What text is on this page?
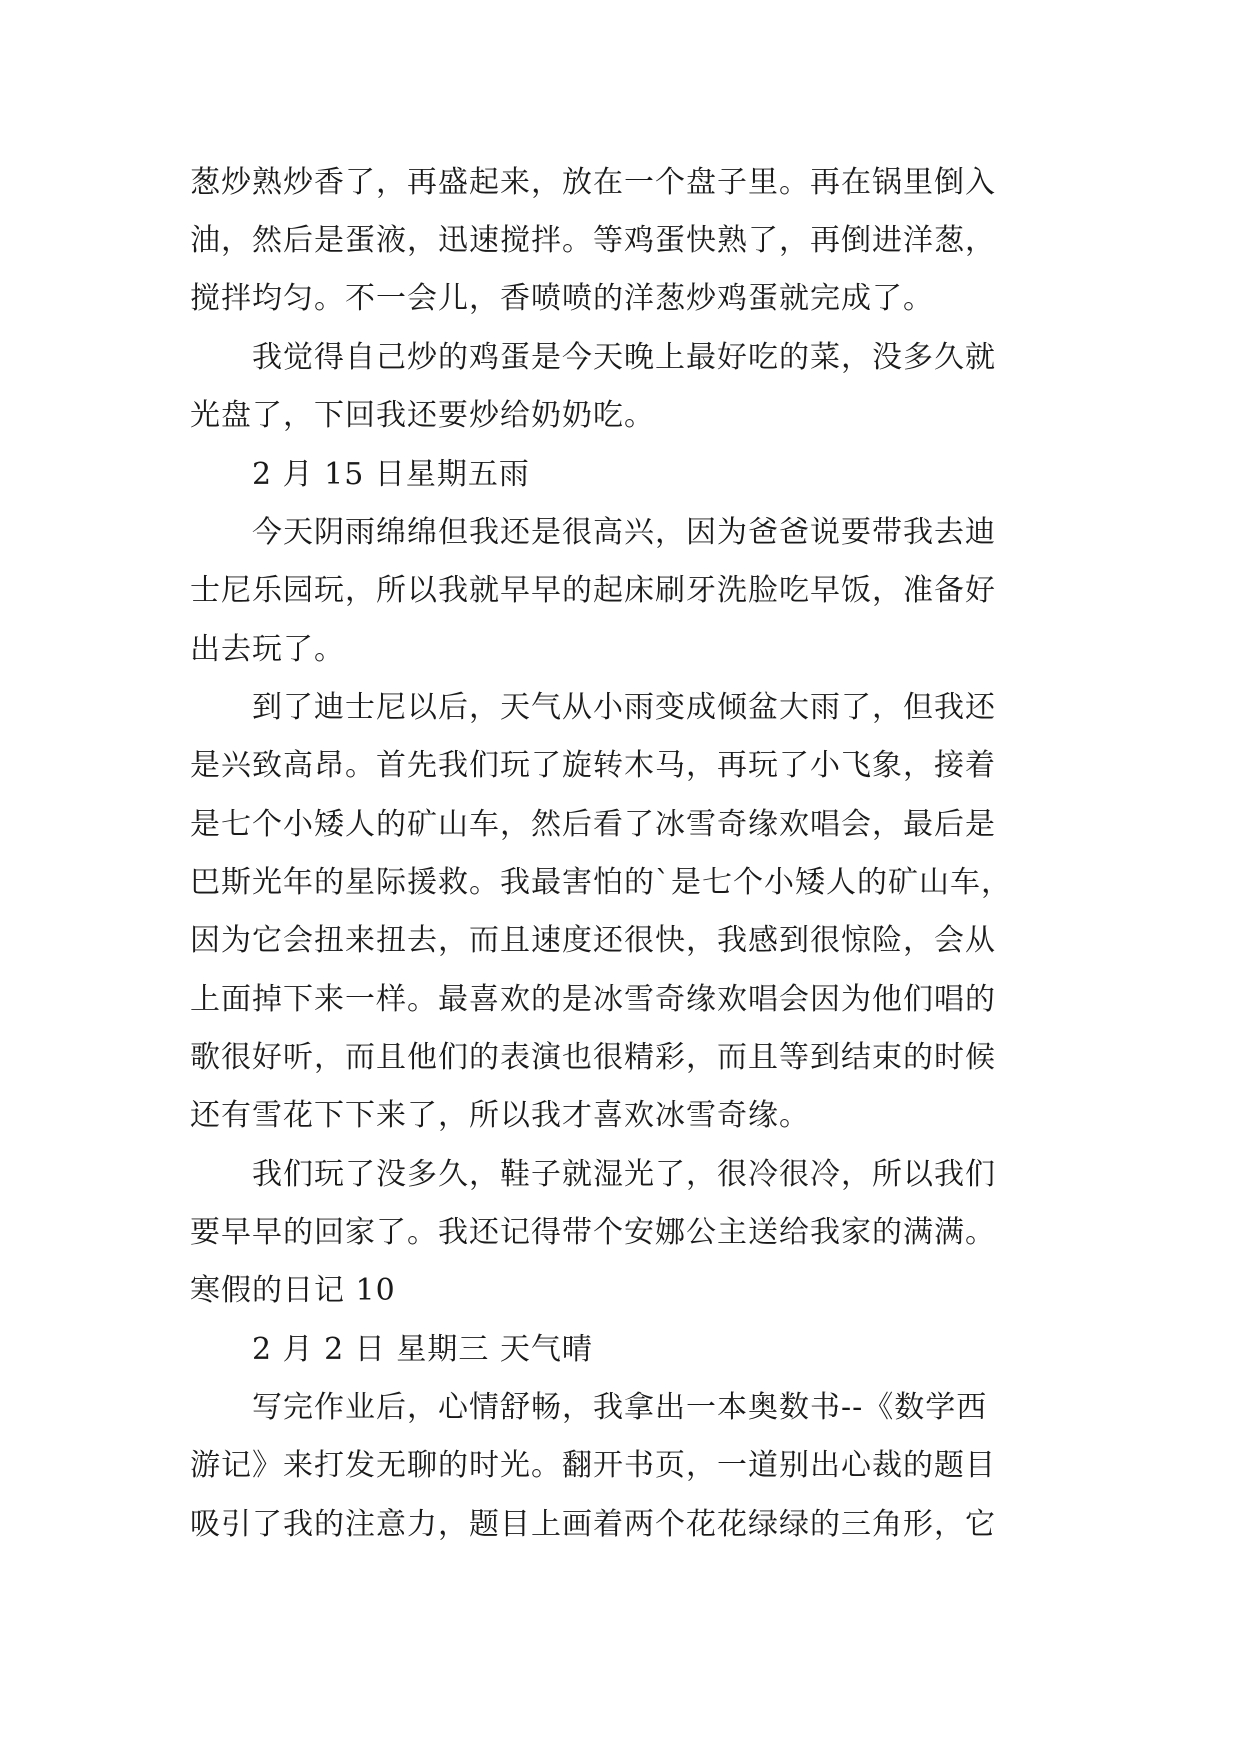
葱炒熟炒香了，再盛起来，放在一个盘子里。再在锅里倒入
油，然后是蛋液，迅速搅拌。等鸡蛋快熟了，再倒进洋葱，
搅拌均匀。不一会儿，香喷喷的洋葱炒鸡蛋就完成了。
我觉得自己炒的鸡蛋是今天晚上最好吃的菜，没多久就
光盘了，下回我还要炒给奶奶吃。
2 月 15 日星期五雨
今天阴雨绵绵但我还是很高兴，因为爸爸说要带我去迪
士尼乐园玩，所以我就早早的起床刷牙洗脸吃早饭，准备好
出去玩了。
到了迪士尼以后，天气从小雨变成倾盆大雨了，但我还
是兴致高昂。首先我们玩了旋转木马，再玩了小飞象，接着
是七个小矮人的矿山车，然后看了冰雪奇缘欢唱会，最后是
巴斯光年的星际援救。我最害怕的`是七个小矮人的矿山车，
因为它会扭来扭去，而且速度还很快，我感到很惊险，会从
上面掉下来一样。最喜欢的是冰雪奇缘欢唱会因为他们唱的
歌很好听，而且他们的表演也很精彩，而且等到结束的时候
还有雪花下下来了，所以我才喜欢冰雪奇缘。
我们玩了没多久，鞋子就湿光了，很冷很冷，所以我们
要早早的回家了。我还记得带个安娜公主送给我家的满满。
寒假的日记 10
2 月 2 日 星期三 天气晴
写完作业后，心情舒畅，我拿出一本奥数书--《数学西
游记》来打发无聊的时光。翻开书页，一道别出心裁的题目
吸引了我的注意力，题目上画着两个花花绿绿的三角形，它
